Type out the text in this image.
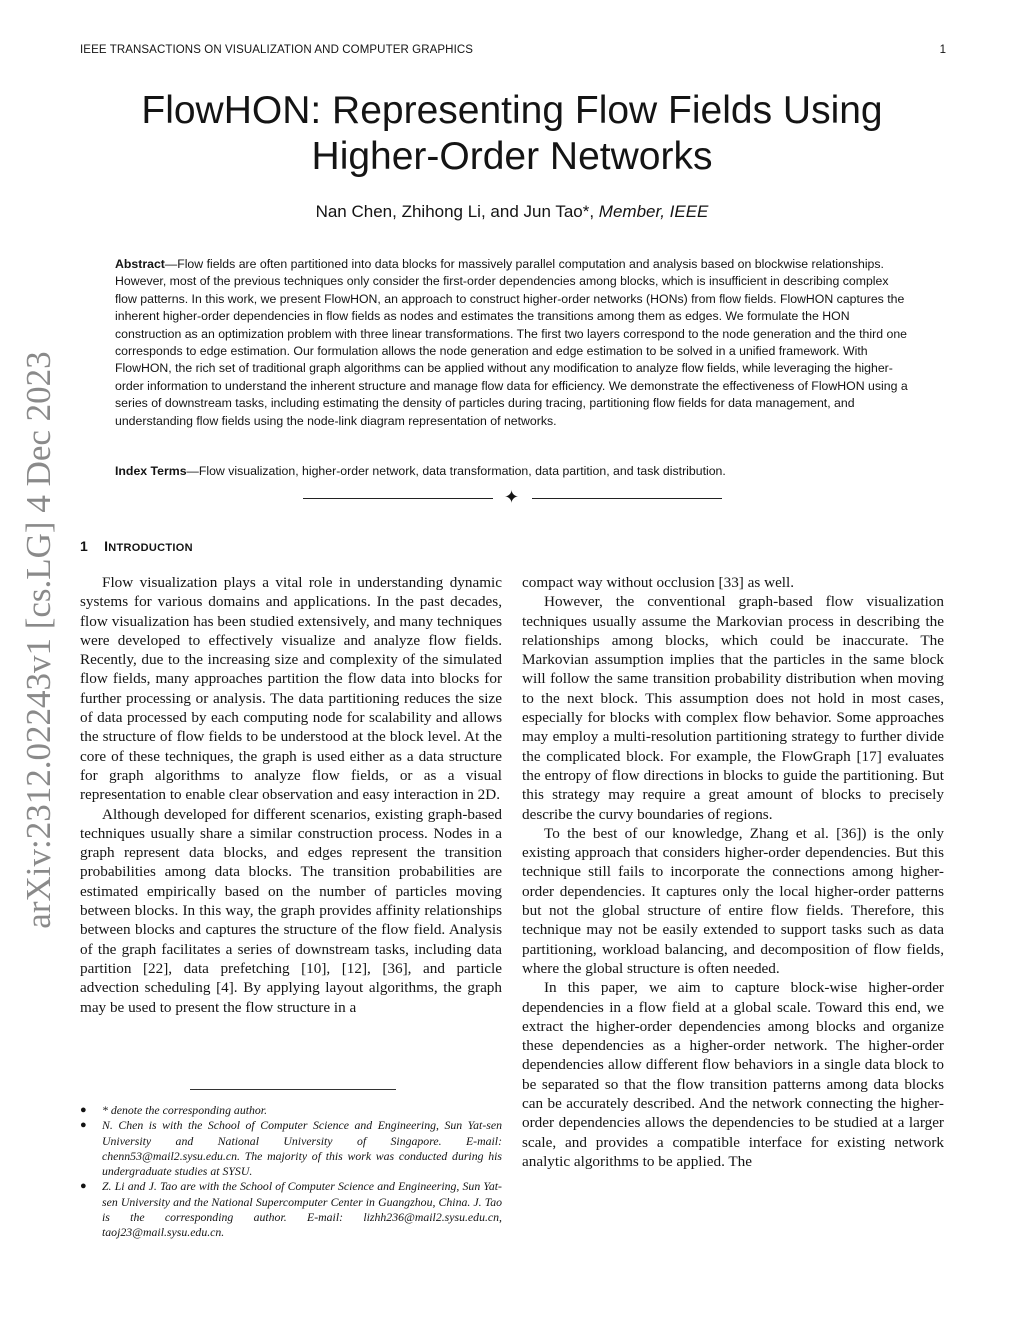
IEEE TRANSACTIONS ON VISUALIZATION AND COMPUTER GRAPHICS	1
FlowHON: Representing Flow Fields Using
Higher-Order Networks
Nan Chen, Zhihong Li, and Jun Tao*, Member, IEEE

Abstract—Flow fields are often partitioned into data blocks for massively parallel computation and analysis based on blockwise relationships. However, most of the previous techniques only consider the first-order dependencies among blocks, which is insufficient in describing complex flow patterns. In this work, we present FlowHON, an approach to construct higher-order networks (HONs) from flow fields. FlowHON captures the inherent higher-order dependencies in flow fields as nodes and estimates the transitions among them as edges. We formulate the HON construction as an optimization problem with three linear transformations. The first two layers correspond to the node generation and the third one corresponds to edge estimation. Our formulation allows the node generation and edge estimation to be solved in a unified framework. With FlowHON, the rich set of traditional graph algorithms can be applied without any modification to analyze flow fields, while leveraging the higher-order information to understand the inherent structure and manage flow data for efficiency. We demonstrate the effectiveness of FlowHON using a series of downstream tasks, including estimating the density of particles during tracing, partitioning flow fields for data management, and understanding flow fields using the node-link diagram representation of networks.

Index Terms—Flow visualization, higher-order network, data transformation, data partition, and task distribution.

✦
arXiv:2312.02243v1 [cs.LG] 4 Dec 2023	1 INTRODUCTION

Flow visualization plays a vital role in understanding dynamic systems for various domains and applications. In the past decades, flow visualization has been studied extensively, and many techniques were developed to effectively visualize and analyze flow fields. Recently, due to the increasing size and complexity of the simulated flow fields, many approaches partition the flow data into blocks for further processing or analysis. The data partitioning reduces the size of data processed by each computing node for scalability and allows the structure of flow fields to be understood at the block level. At the core of these techniques, the graph is used either as a data structure for graph algorithms to analyze flow fields, or as a visual representation to enable clear observation and easy interaction in 2D.

Although developed for different scenarios, existing graph-based techniques usually share a similar construction process. Nodes in a graph represent data blocks, and edges represent the transition probabilities among data blocks. The transition probabilities are estimated empirically based on the number of particles moving between blocks. In this way, the graph provides affinity relationships between blocks and captures the structure of the flow field. Analysis of the graph facilitates a series of downstream tasks, including data partition [22], data prefetching [10], [12], [36], and particle advection scheduling [4]. By applying layout algorithms, the graph may be used to present the flow structure in a

compact way without occlusion [33] as well.

However, the conventional graph-based flow visualization techniques usually assume the Markovian process in describing the relationships among blocks, which could be inaccurate. The Markovian assumption implies that the particles in the same block will follow the same transition probability distribution when moving to the next block. This assumption does not hold in most cases, especially for blocks with complex flow behavior. Some approaches may employ a multi-resolution partitioning strategy to further divide the complicated block. For example, the FlowGraph [17] evaluates the entropy of flow directions in blocks to guide the partitioning. But this strategy may require a great amount of blocks to precisely describe the curvy boundaries of regions.

To the best of our knowledge, Zhang et al. [36]) is the only existing approach that considers higher-order dependencies. But this technique still fails to incorporate the connections among higher-order dependencies. It captures only the local higher-order patterns but not the global structure of entire flow fields. Therefore, this technique may not be easily extended to support tasks such as data partitioning, workload balancing, and decomposition of flow fields, where the global structure is often needed.

In this paper, we aim to capture block-wise higher-order dependencies in a flow field at a global scale. Toward this end, we extract the higher-order dependencies among blocks and organize these dependencies as a higher-order network. The higher-order dependencies allow different flow behaviors in a single data block to be separated so that the flow transition patterns among data blocks can be accurately described. And the network connecting the higher-order dependencies allows the dependencies to be studied at a larger scale, and provides a compatible interface for existing network analytic algorithms to be applied. The

● * denote the corresponding author.
● N. Chen is with the School of Computer Science and Engineering, Sun Yat-sen University and National University of Singapore. E-mail: chenn53@mail2.sysu.edu.cn. The majority of this work was conducted during his undergraduate studies at SYSU.
● Z. Li and J. Tao are with the School of Computer Science and Engineering, Sun Yat-sen University and the National Supercomputer Center in Guangzhou, China. J. Tao is the corresponding author. E-mail: lizhh236@mail2.sysu.edu.cn, taoj23@mail.sysu.edu.cn.
